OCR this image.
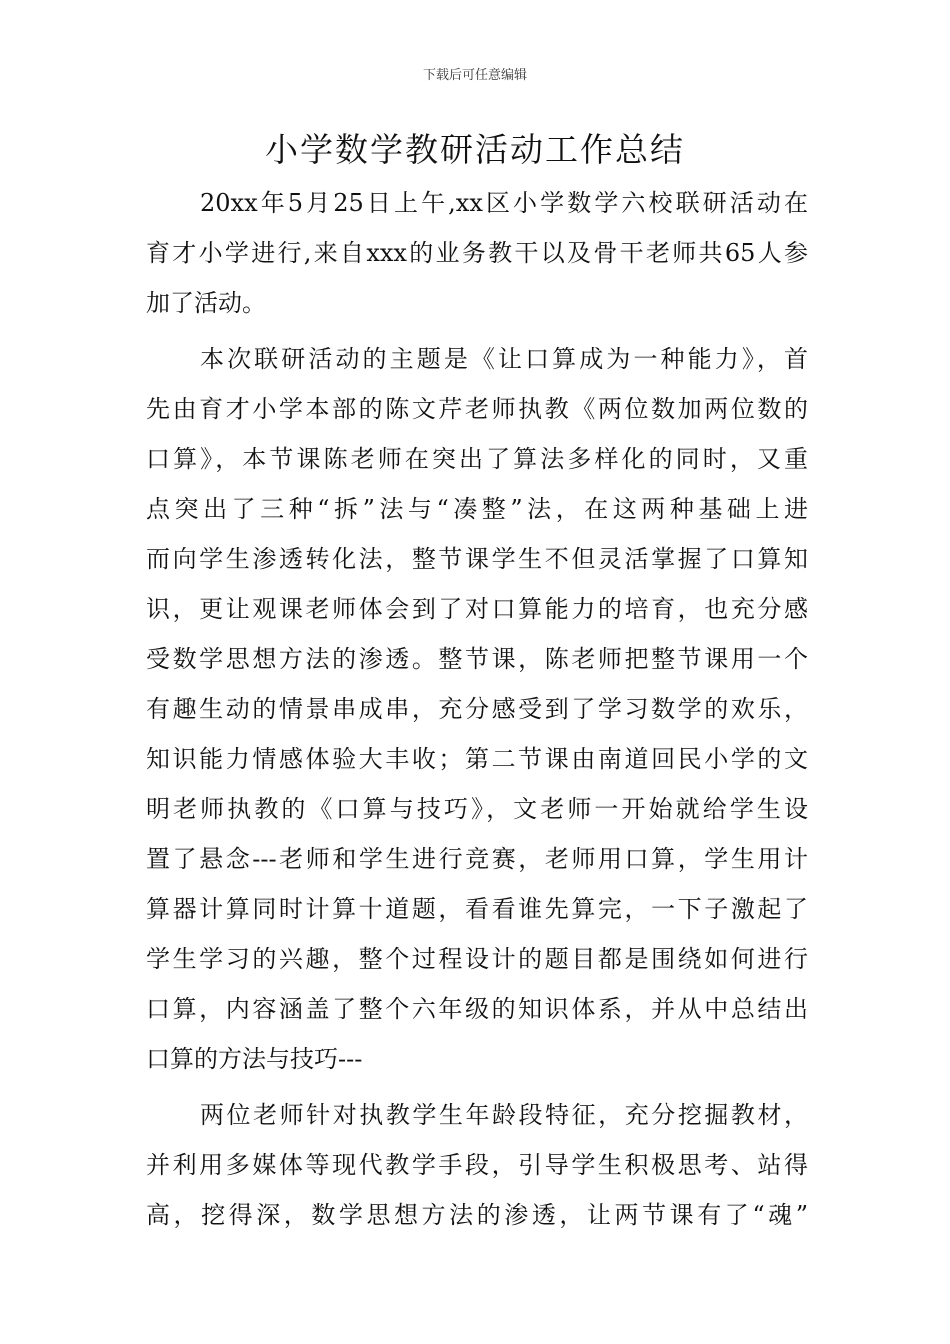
下载后可任意编辑
小学数学教研活动工作总结
20xx年5月25日上午,xx区小学数学六校联研活动在
育才小学进行,来自xxx的业务教干以及骨干老师共65人参
加了活动。
本次联研活动的主题是《让口算成为一种能力》，首
先由育才小学本部的陈文芹老师执教《两位数加两位数的
口算》，本节课陈老师在突出了算法多样化的同时，又重
点突出了三种“拆”法与“凑整”法，在这两种基础上进
而向学生渗透转化法，整节课学生不但灵活掌握了口算知
识，更让观课老师体会到了对口算能力的培育，也充分感
受数学思想方法的渗透。整节课，陈老师把整节课用一个
有趣生动的情景串成串，充分感受到了学习数学的欢乐，
知识能力情感体验大丰收；第二节课由南道回民小学的文
明老师执教的《口算与技巧》，文老师一开始就给学生设
置了悬念---老师和学生进行竞赛，老师用口算，学生用计
算器计算同时计算十道题，看看谁先算完，一下子激起了
学生学习的兴趣，整个过程设计的题目都是围绕如何进行
口算，内容涵盖了整个六年级的知识体系，并从中总结出
口算的方法与技巧---
两位老师针对执教学生年龄段特征，充分挖掘教材，
并利用多媒体等现代教学手段，引导学生积极思考、站得
高，挖得深，数学思想方法的渗透，让两节课有了“魂”
